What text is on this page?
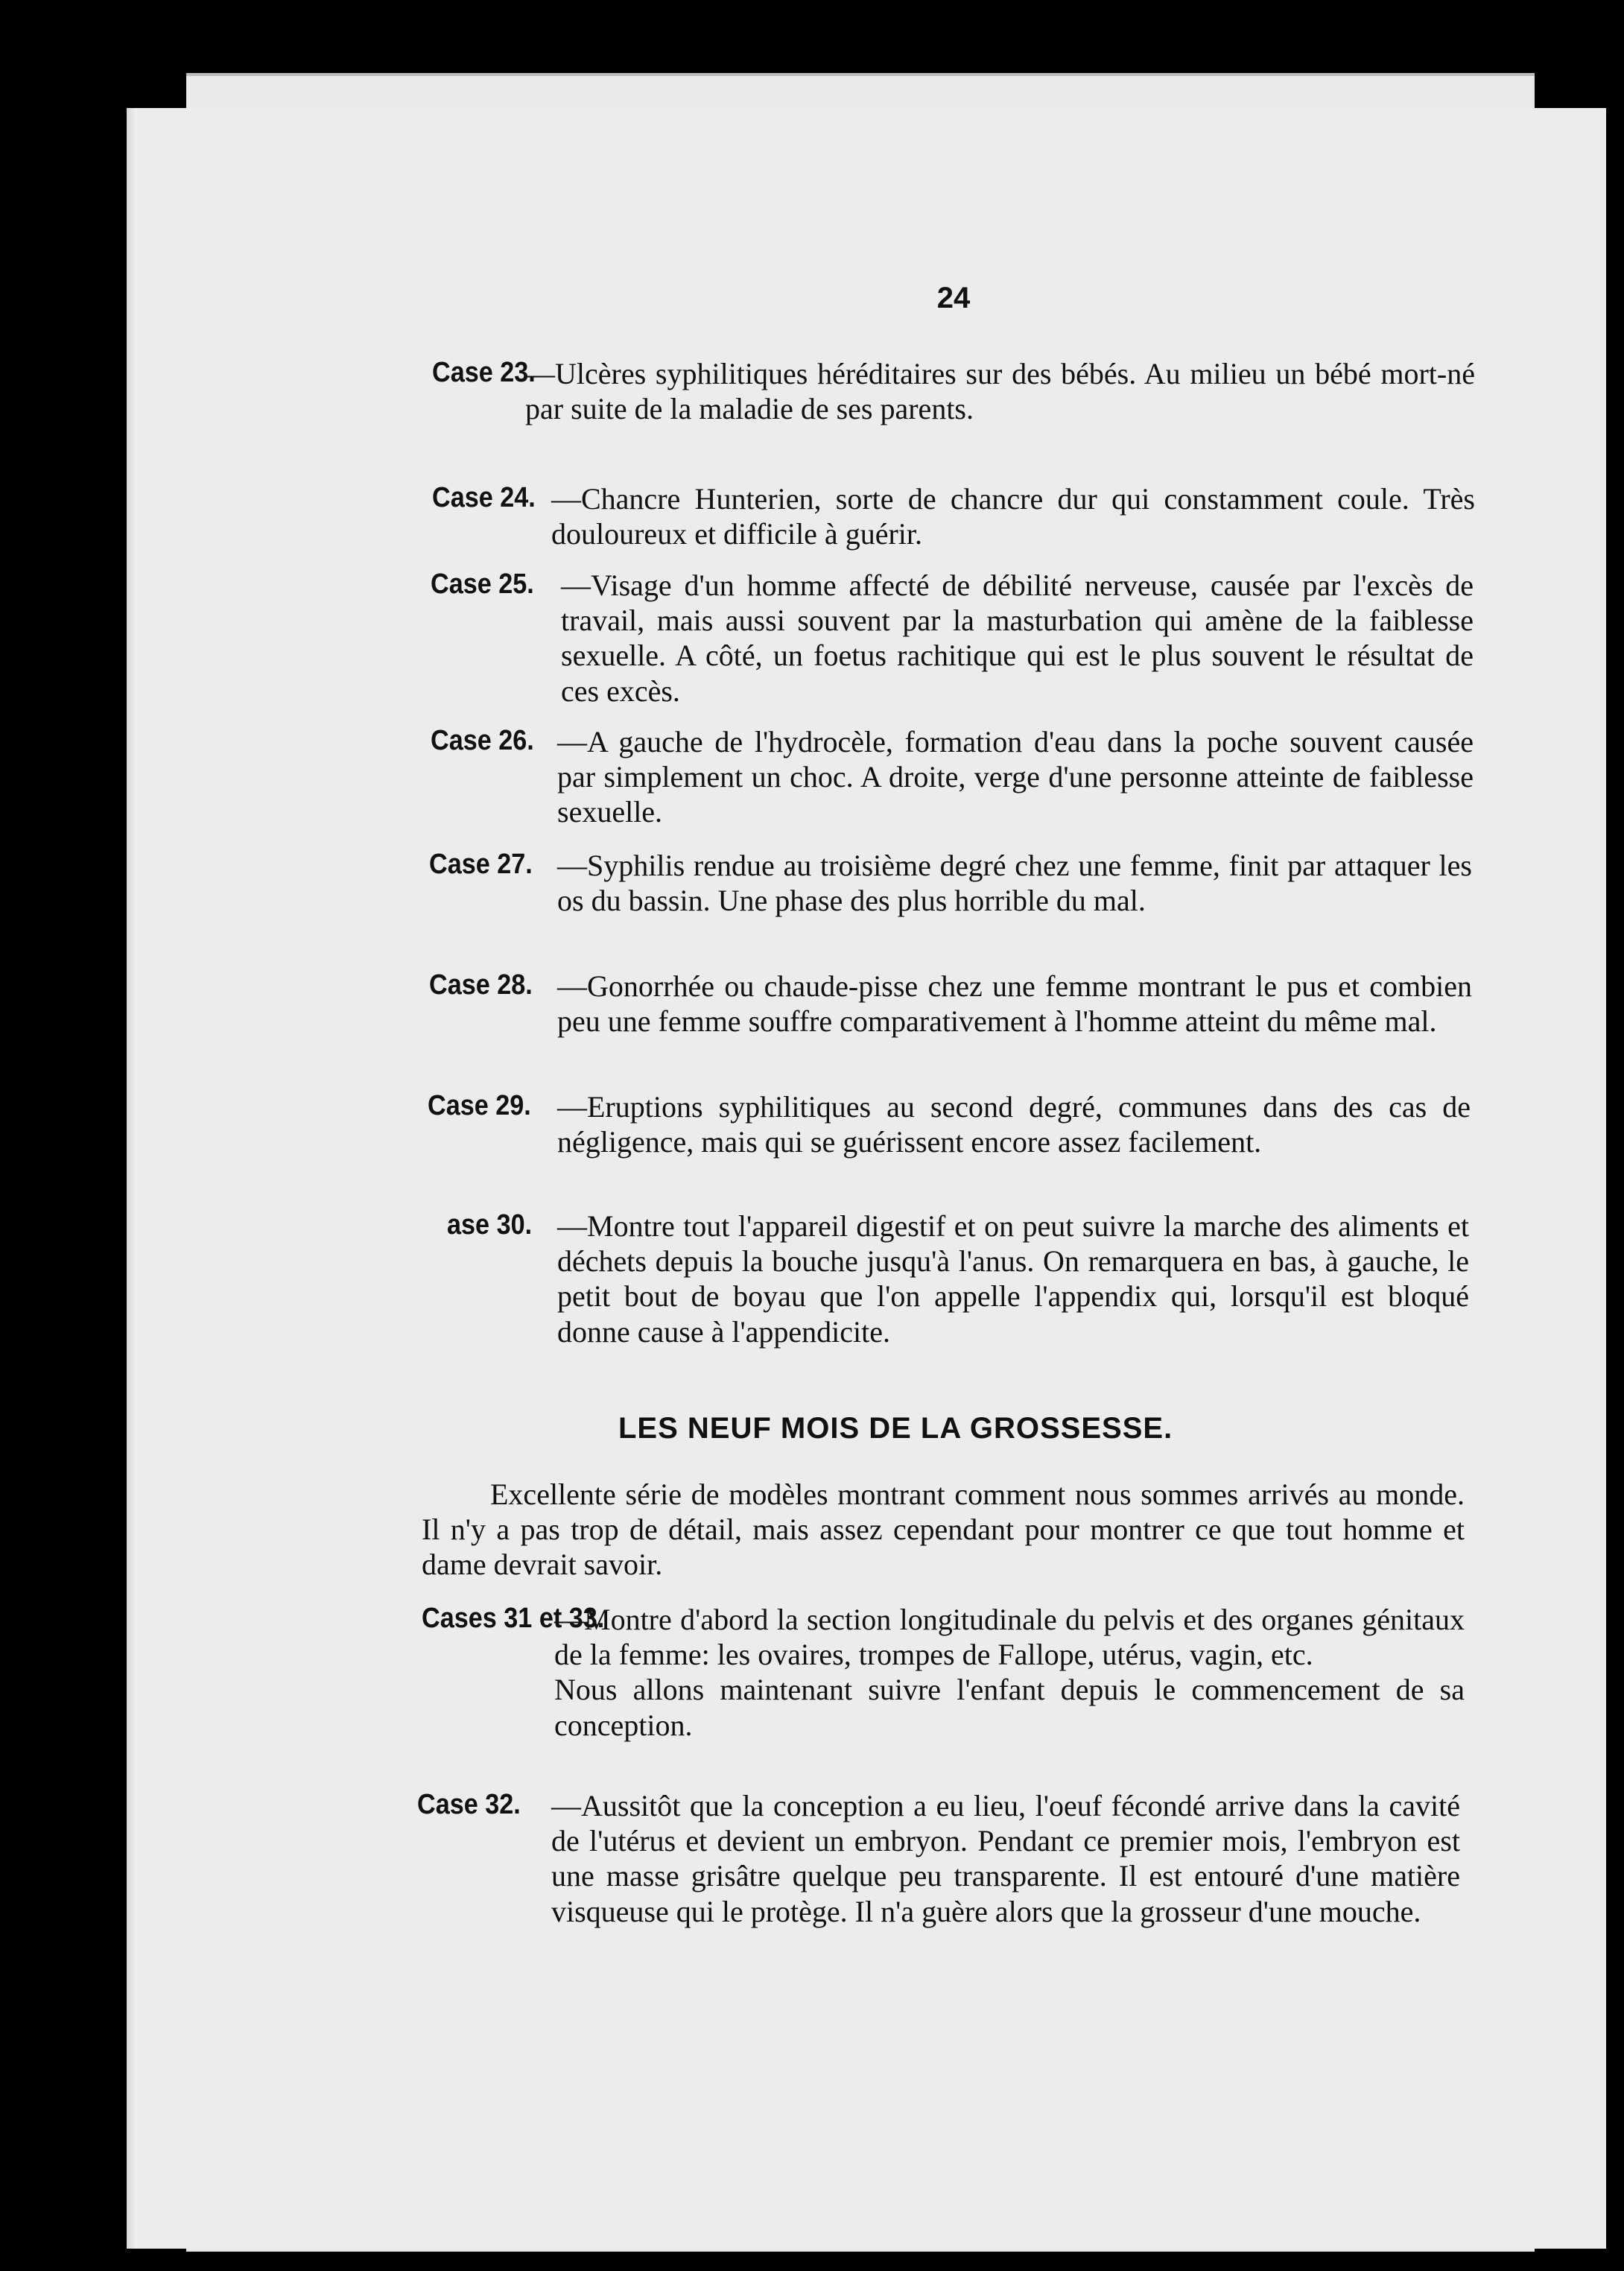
24
Case 23.
—Ulcères syphilitiques héréditaires sur des bébés. Au milieu un bébé mort-né par suite de la maladie de ses parents.
Case 24. —Chancre Hunterien, sorte de chancre dur qui constamment coule. Très douloureux et difficile à guérir.
Case 25. —Visage d'un homme affecté de débilité nerveuse, causée par l'excès de travail, mais aussi souvent par la masturbation qui amène de la faiblesse sexuelle. A côté, un foetus rachitique qui est le plus souvent le résultat de ces excès.
Case 26. —A gauche de l'hydrocèle, formation d'eau dans la poche souvent causée par simplement un choc. A droite, verge d'une personne atteinte de faiblesse sexuelle.
Case 27. —Syphilis rendue au troisième degré chez une femme, finit par attaquer les os du bassin. Une phase des plus horrible du mal.
Case 28. —Gonorrhée ou chaude-pisse chez une femme montrant le pus et combien peu une femme souffre comparativement à l'homme atteint du même mal.
Case 29. —Eruptions syphilitiques au second degré, communes dans des cas de négligence, mais qui se guérissent encore assez facilement.
ase 30. —Montre tout l'appareil digestif et on peut suivre la marche des aliments et déchets depuis la bouche jusqu'à l'anus. On remarquera en bas, à gauche, le petit bout de boyau que l'on appelle l'appendix qui, lorsqu'il est bloqué donne cause à l'appendicite.
LES NEUF MOIS DE LA GROSSESSE.
Excellente série de modèles montrant comment nous sommes arrivés au monde. Il n'y a pas trop de détail, mais assez cependant pour montrer ce que tout homme et dame devrait savoir.
Cases 31 et 33.
—Montre d'abord la section longitudinale du pelvis et des organes génitaux de la femme: les ovaires, trompes de Fallope, utérus, vagin, etc.
Nous allons maintenant suivre l'enfant depuis le commencement de sa conception.
Case 32.	—Aussitôt que la conception a eu lieu, l'oeuf fécondé arrive dans la cavité de l'utérus et devient un embryon. Pendant ce premier mois, l'embryon est une masse grisâtre quelque peu transparente. Il est entouré d'une matière visqueuse qui le protège. Il n'a guère alors que la grosseur d'une mouche.
